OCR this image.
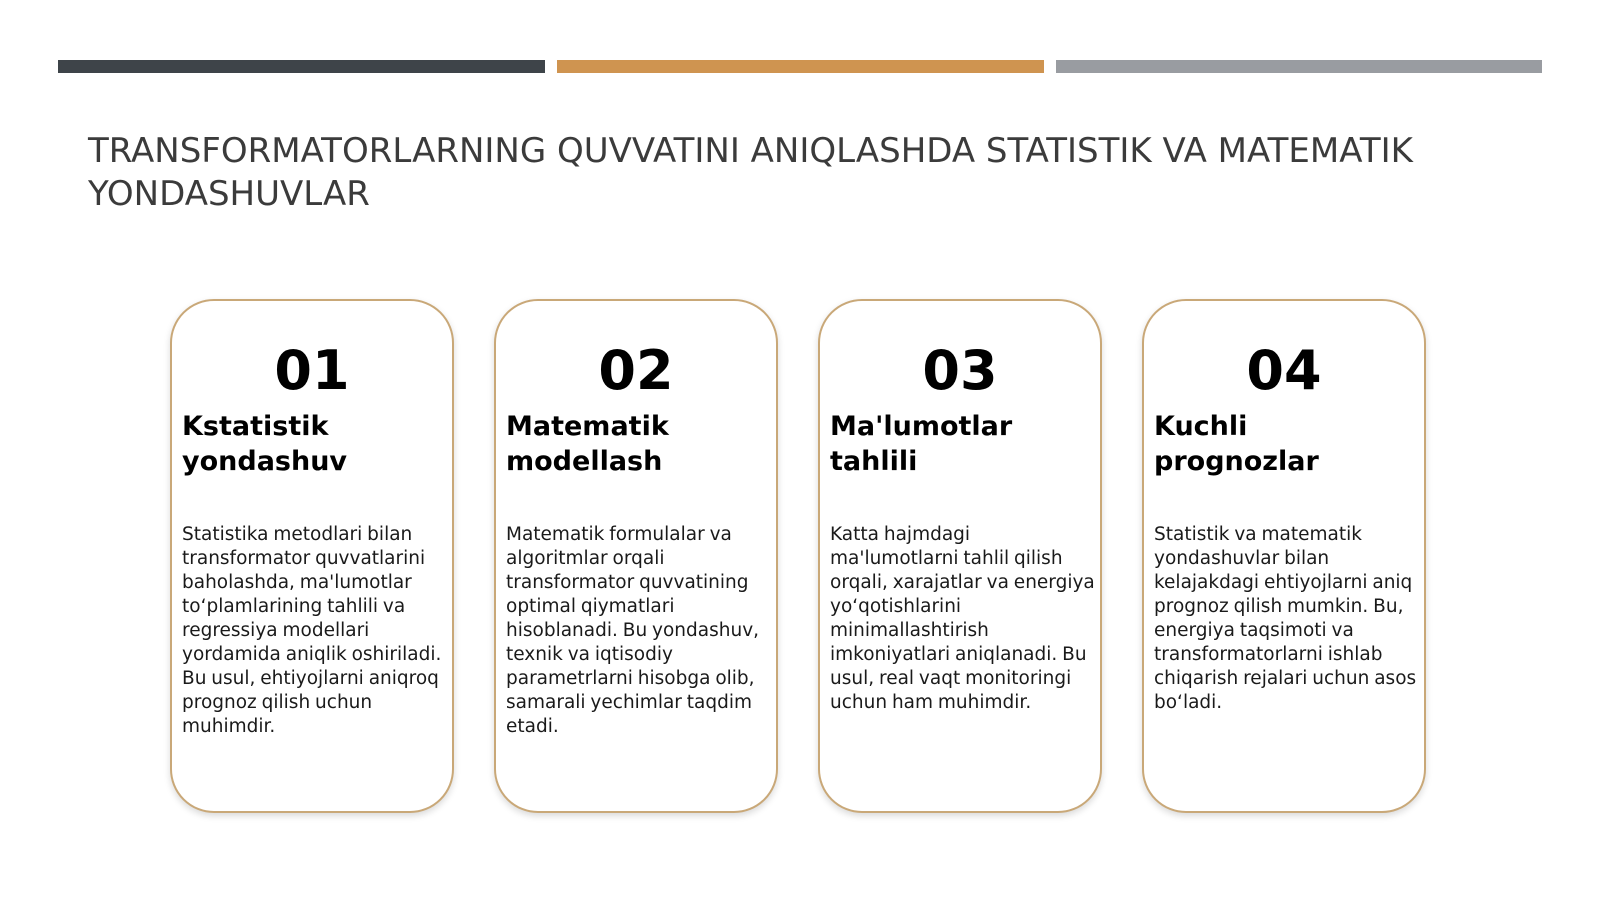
TRANSFORMATORLARNING QUVVATINI ANIQLASHDA STATISTIK VA MATEMATIK YONDASHUVLAR
01
Kstatistik yondashuv
Statistika metodlari bilan transformator quvvatlarini baholashda, ma'lumotlar to‘plamlarining tahlili va regressiya modellari yordamida aniqlik oshiriladi. Bu usul, ehtiyojlarni aniqroq prognoz qilish uchun muhimdir.
02
Matematik modellash
Matematik formulalar va algoritmlar orqali transformator quvvatining optimal qiymatlari hisoblanadi. Bu yondashuv, texnik va iqtisodiy parametrlarni hisobga olib, samarali yechimlar taqdim etadi.
03
Ma'lumotlar tahlili
Katta hajmdagi ma'lumotlarni tahlil qilish orqali, xarajatlar va energiya yo‘qotishlarini minimallashtirish imkoniyatlari aniqlanadi. Bu usul, real vaqt monitoringi uchun ham muhimdir.
04
Kuchli prognozlar
Statistik va matematik yondashuvlar bilan kelajakdagi ehtiyojlarni aniq prognoz qilish mumkin. Bu, energiya taqsimoti va transformatorlarni ishlab chiqarish rejalari uchun asos bo‘ladi.
